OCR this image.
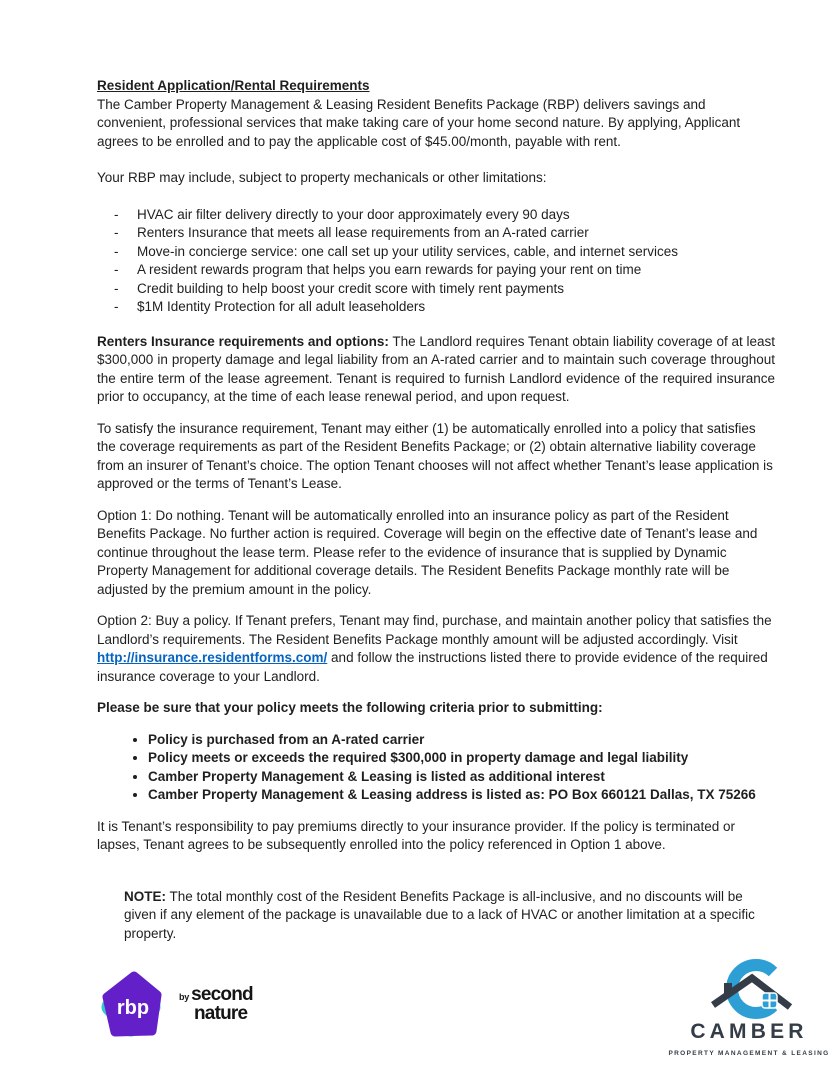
Resident Application/Rental Requirements

The Camber Property Management & Leasing Resident Benefits Package (RBP) delivers savings and convenient, professional services that make taking care of your home second nature. By applying, Applicant agrees to be enrolled and to pay the applicable cost of $45.00/month, payable with rent.

Your RBP may include, subject to property mechanicals or other limitations:

- HVAC air filter delivery directly to your door approximately every 90 days
- Renters Insurance that meets all lease requirements from an A-rated carrier
- Move-in concierge service: one call set up your utility services, cable, and internet services
- A resident rewards program that helps you earn rewards for paying your rent on time
- Credit building to help boost your credit score with timely rent payments
- $1M Identity Protection for all adult leaseholders

Renters Insurance requirements and options: The Landlord requires Tenant obtain liability coverage of at least $300,000 in property damage and legal liability from an A-rated carrier and to maintain such coverage throughout the entire term of the lease agreement. Tenant is required to furnish Landlord evidence of the required insurance prior to occupancy, at the time of each lease renewal period, and upon request.

To satisfy the insurance requirement, Tenant may either (1) be automatically enrolled into a policy that satisfies the coverage requirements as part of the Resident Benefits Package; or (2) obtain alternative liability coverage from an insurer of Tenant’s choice. The option Tenant chooses will not affect whether Tenant’s lease application is approved or the terms of Tenant’s Lease.

Option 1: Do nothing. Tenant will be automatically enrolled into an insurance policy as part of the Resident Benefits Package. No further action is required. Coverage will begin on the effective date of Tenant’s lease and continue throughout the lease term. Please refer to the evidence of insurance that is supplied by Dynamic Property Management for additional coverage details. The Resident Benefits Package monthly rate will be adjusted by the premium amount in the policy.

Option 2: Buy a policy. If Tenant prefers, Tenant may find, purchase, and maintain another policy that satisfies the Landlord’s requirements. The Resident Benefits Package monthly amount will be adjusted accordingly. Visit http://insurance.residentforms.com/ and follow the instructions listed there to provide evidence of the required insurance coverage to your Landlord.

Please be sure that your policy meets the following criteria prior to submitting:

• Policy is purchased from an A-rated carrier
• Policy meets or exceeds the required $300,000 in property damage and legal liability
• Camber Property Management & Leasing is listed as additional interest
• Camber Property Management & Leasing address is listed as: PO Box 660121 Dallas, TX 75266

It is Tenant’s responsibility to pay premiums directly to your insurance provider. If the policy is terminated or lapses, Tenant agrees to be subsequently enrolled into the policy referenced in Option 1 above.

NOTE: The total monthly cost of the Resident Benefits Package is all-inclusive, and no discounts will be given if any element of the package is unavailable due to a lack of HVAC or another limitation at a specific property.

rbp
by second
nature
CAMBER
PROPERTY MANAGEMENT & LEASING
